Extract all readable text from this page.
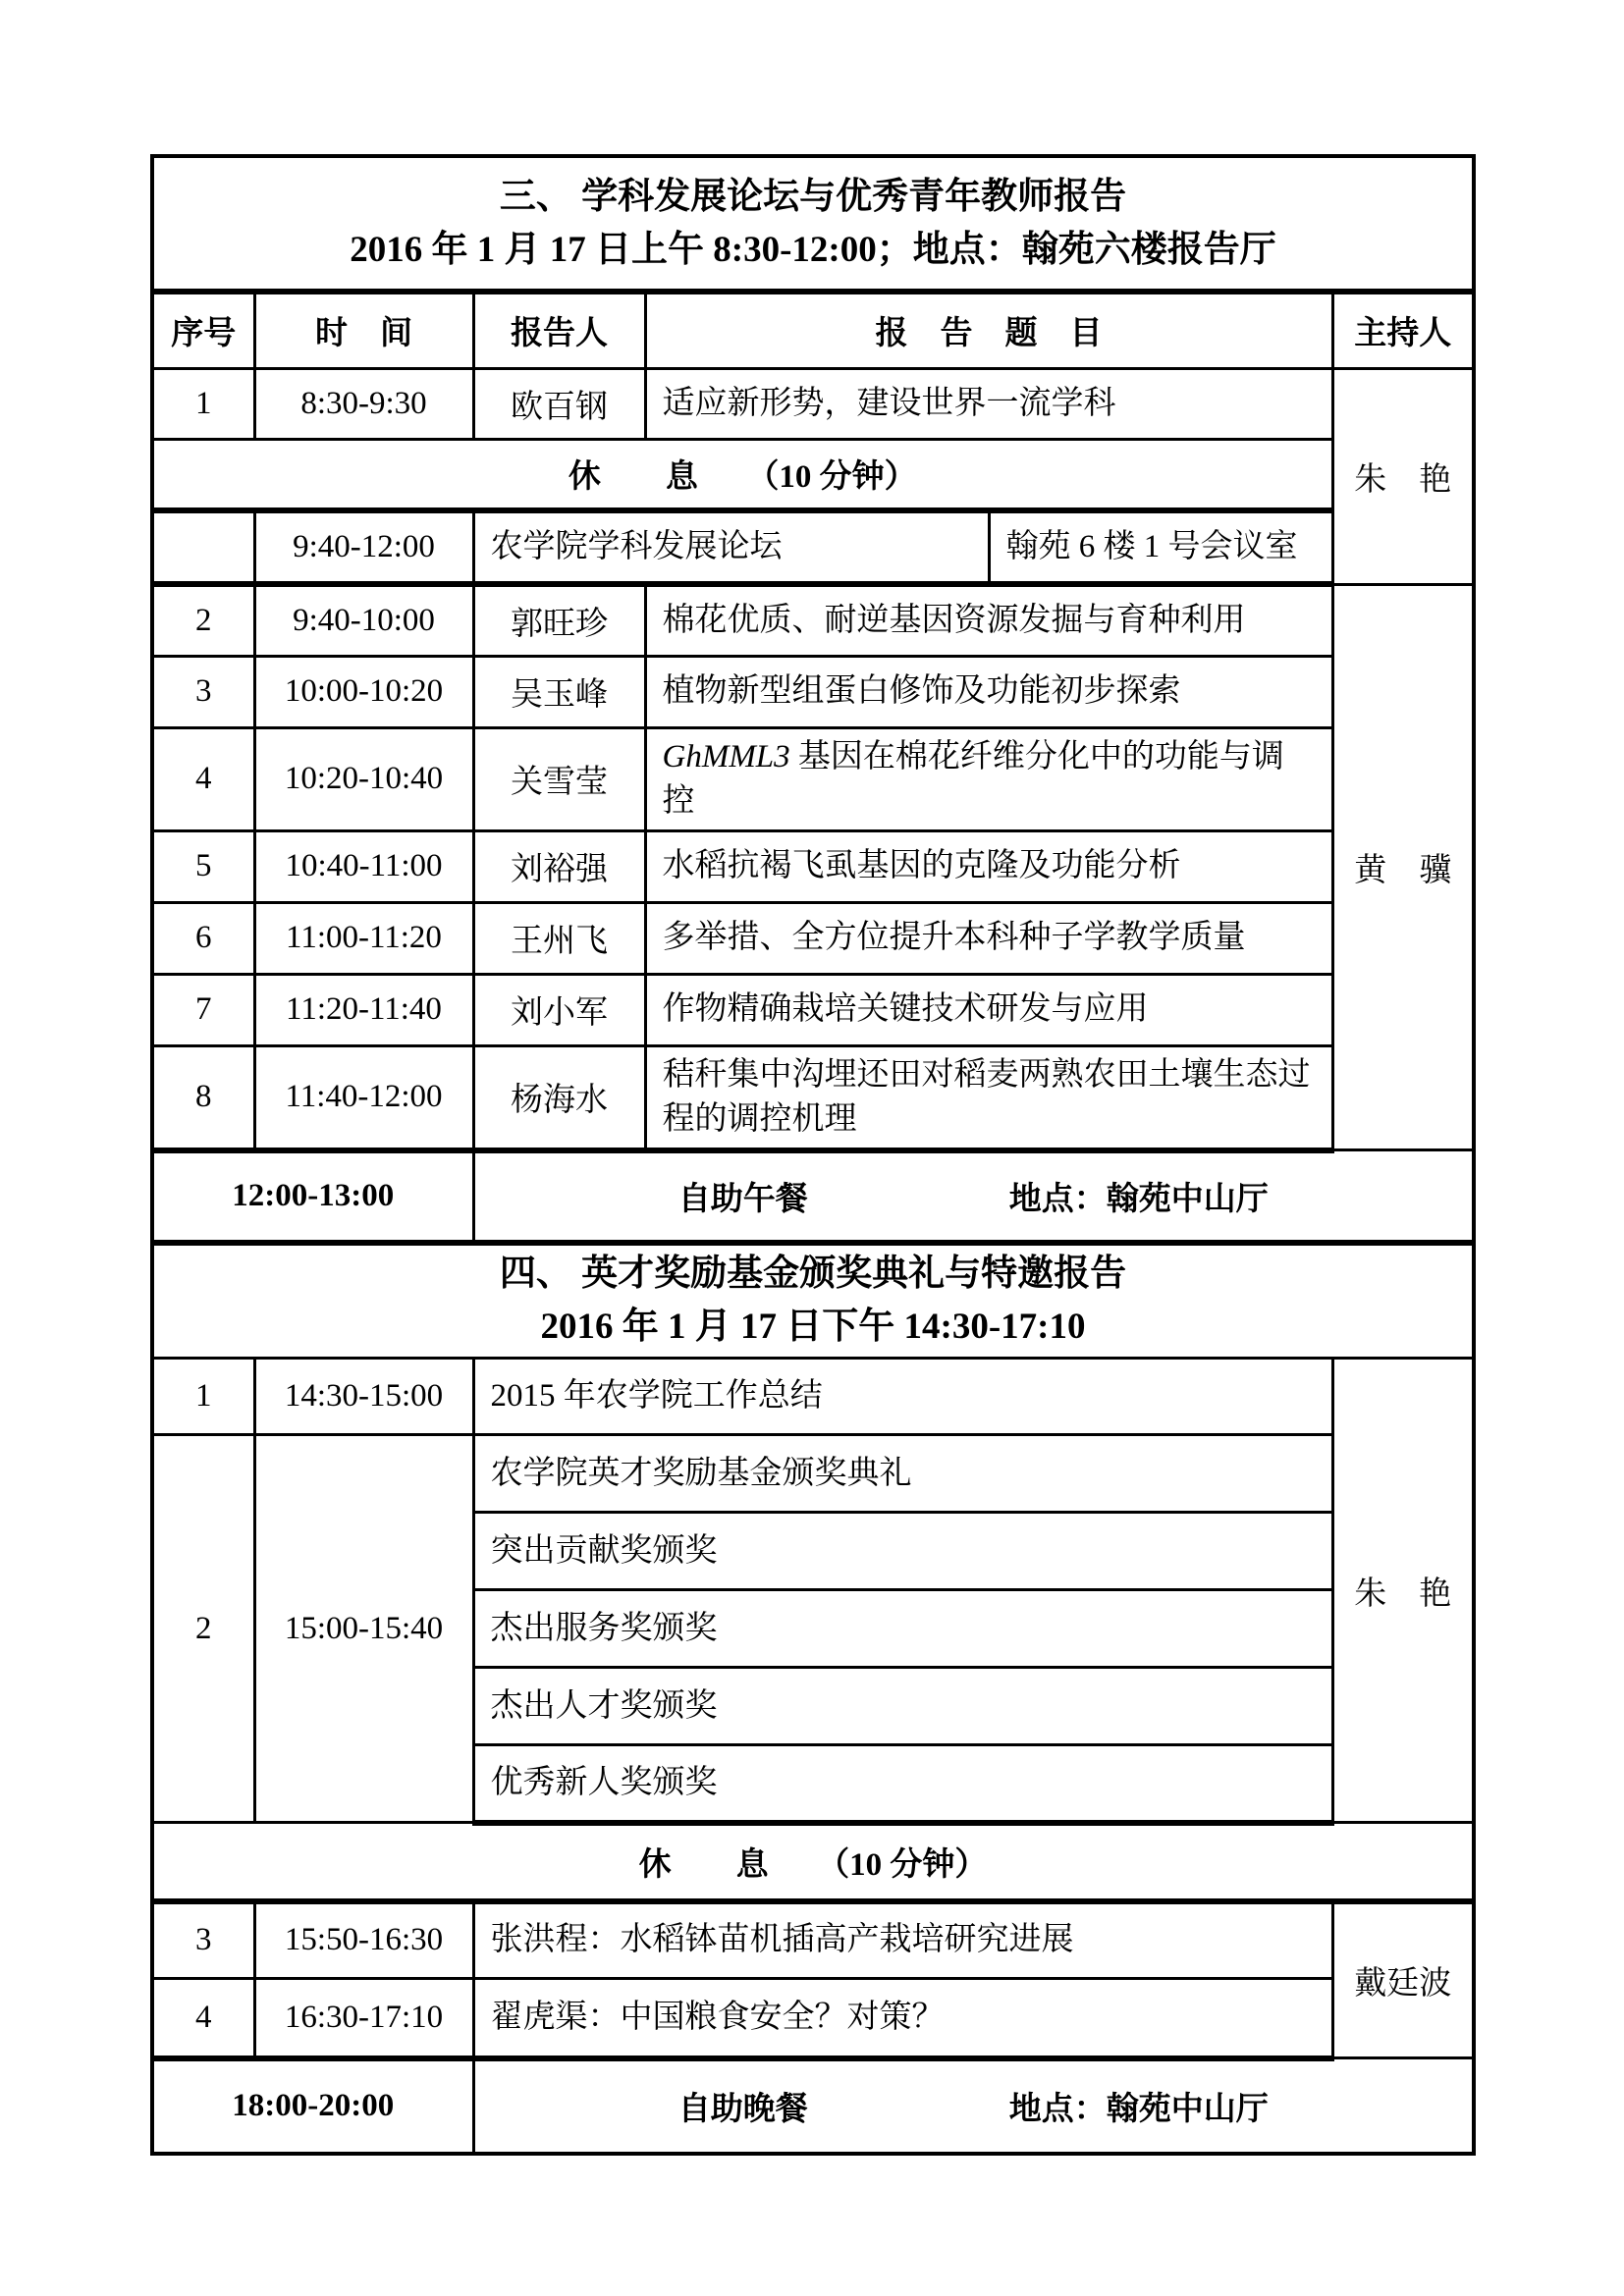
三、 学科发展论坛与优秀青年教师报告
2016 年 1 月 17 日上午 8:30-12:00；地点：翰苑六楼报告厅					

序号	时　间	报告人	报　告　题　目		主持人
1	8:30-9:30	欧百钢	适应新形势，建设世界一流学科		朱　艳
休　　息　　（10 分钟）					
	9:40-12:00	农学院学科发展论坛		翰苑 6 楼 1 号会议室	
2	9:40-10:00	郭旺珍	棉花优质、耐逆基因资源发掘与育种利用		黄　骥
3	10:00-10:20	吴玉峰	植物新型组蛋白修饰及功能初步探索		
4	10:20-10:40	关雪莹	GhMML3 基因在棉花纤维分化中的功能与调控		
5	10:40-11:00	刘裕强	水稻抗褐飞虱基因的克隆及功能分析		
6	11:00-11:20	王州飞	多举措、全方位提升本科种子学教学质量		
7	11:20-11:40	刘小军	作物精确栽培关键技术研发与应用		
8	11:40-12:00	杨海水	秸秆集中沟埋还田对稻麦两熟农田土壤生态过程的调控机理		
12:00-13:00		自助午餐 地点：翰苑中山厅			

四、 英才奖励基金颁奖典礼与特邀报告
2016 年 1 月 17 日下午 14:30-17:10					

1	14:30-15:00	2015 年农学院工作总结			朱　艳
2	15:00-15:40	农学院英才奖励基金颁奖典礼			
		突出贡献奖颁奖			
		杰出服务奖颁奖			
		杰出人才奖颁奖			
		优秀新人奖颁奖			
休　　息　　（10 分钟）					
3	15:50-16:30	张洪程：水稻钵苗机插高产栽培研究进展			戴廷波
4	16:30-17:10	翟虎渠：中国粮食安全？对策？			
18:00-20:00		自助晚餐 地点：翰苑中山厅			
